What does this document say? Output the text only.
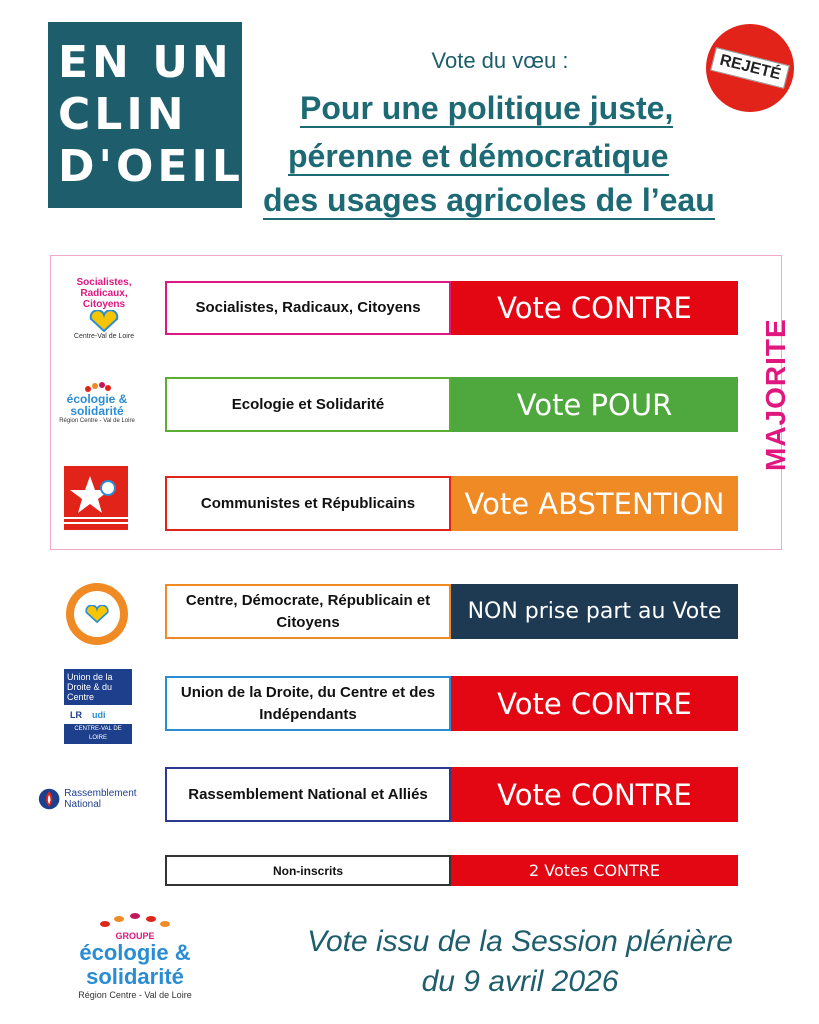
EN UN
CLIN
D'OEIL
Vote du vœu :
Pour une politique juste,
pérenne et démocratique
des usages agricoles de l’eau
REJETÉ
MAJORITE
Socialistes, Radicaux, Citoyens
Centre-Val de Loire
écologie & solidarité
Région Centre - Val de Loire
Union de la Droite & du Centre
LR udi
CENTRE-VAL DE LOIRE
Rassemblement National
Socialistes, Radicaux, Citoyens	Vote CONTRE
Ecologie et Solidarité	Vote POUR
Communistes et Républicains	Vote ABSTENTION
Centre, Démocrate, Républicain et Citoyens	NON prise part au Vote
Union de la Droite, du Centre et des Indépendants	Vote CONTRE
Rassemblement National et Alliés	Vote CONTRE
Non-inscrits	2 Votes CONTRE
GROUPE
écologie & solidarité
Région Centre - Val de Loire
Vote issu de la Session plénière
du 9 avril 2026
